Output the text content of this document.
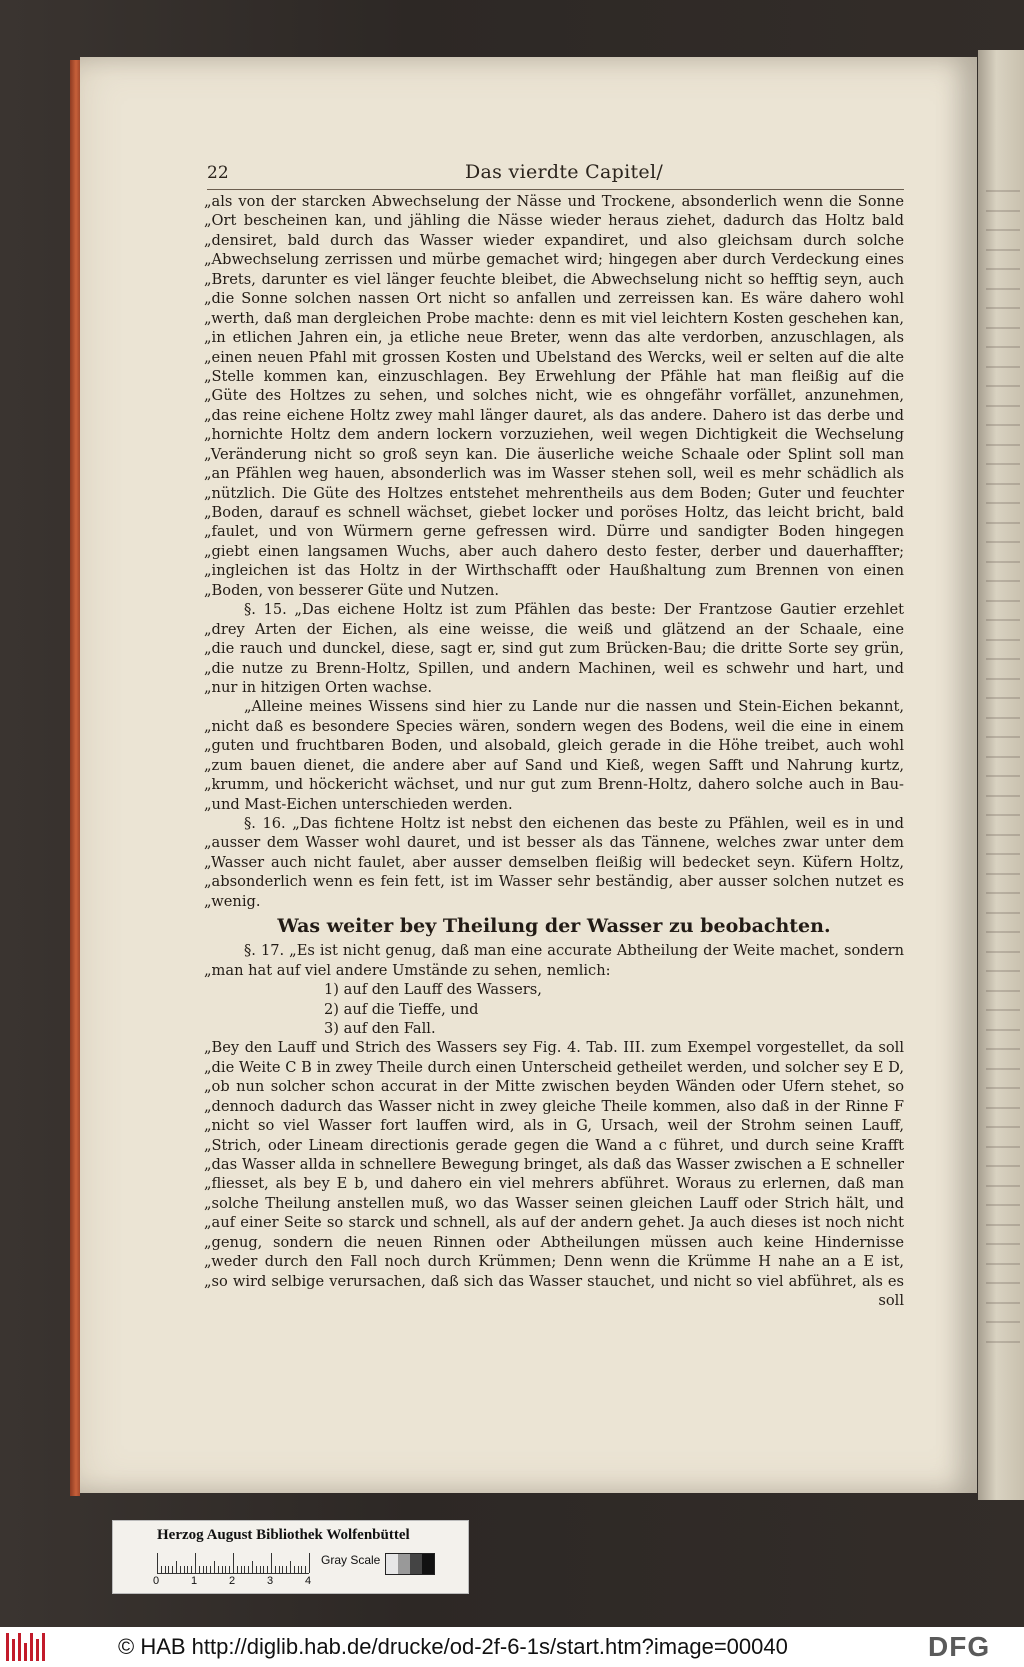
22	Das vierdte Capitel/
„als von der starcken Abwechselung der Nässe und Trockene, absonderlich wenn die Sonne
„Ort bescheinen kan, und jähling die Nässe wieder heraus ziehet, dadurch das Holtz bald
„densiret, bald durch das Wasser wieder expandiret, und also gleichsam durch solche
„Abwechselung zerrissen und mürbe gemachet wird; hingegen aber durch Verdeckung eines
„Brets, darunter es viel länger feuchte bleibet, die Abwechselung nicht so hefftig seyn, auch
„die Sonne solchen nassen Ort nicht so anfallen und zerreissen kan. Es wäre dahero wohl
„werth, daß man dergleichen Probe machte: denn es mit viel leichtern Kosten geschehen kan,
„in etlichen Jahren ein, ja etliche neue Breter, wenn das alte verdorben, anzuschlagen, als
„einen neuen Pfahl mit grossen Kosten und Ubelstand des Wercks, weil er selten auf die alte
„Stelle kommen kan, einzuschlagen. Bey Erwehlung der Pfähle hat man fleißig auf die
„Güte des Holtzes zu sehen, und solches nicht, wie es ohngefähr vorfället, anzunehmen,
„das reine eichene Holtz zwey mahl länger dauret, als das andere. Dahero ist das derbe und
„hornichte Holtz dem andern lockern vorzuziehen, weil wegen Dichtigkeit die Wechselung
„Veränderung nicht so groß seyn kan. Die äuserliche weiche Schaale oder Splint soll man
„an Pfählen weg hauen, absonderlich was im Wasser stehen soll, weil es mehr schädlich als
„nützlich. Die Güte des Holtzes entstehet mehrentheils aus dem Boden; Guter und feuchter
„Boden, darauf es schnell wächset, giebet locker und poröses Holtz, das leicht bricht, bald
„faulet, und von Würmern gerne gefressen wird. Dürre und sandigter Boden hingegen
„giebt einen langsamen Wuchs, aber auch dahero desto fester, derber und dauerhaffter;
„ingleichen ist das Holtz in der Wirthschafft oder Haußhaltung zum Brennen von einen
„Boden, von besserer Güte und Nutzen.
§. 15. „Das eichene Holtz ist zum Pfählen das beste: Der Frantzose Gautier erzehlet
„drey Arten der Eichen, als eine weisse, die weiß und glätzend an der Schaale, eine
„die rauch und dunckel, diese, sagt er, sind gut zum Brücken-Bau; die dritte Sorte sey grün,
„die nutze zu Brenn-Holtz, Spillen, und andern Machinen, weil es schwehr und hart, und
„nur in hitzigen Orten wachse.
„Alleine meines Wissens sind hier zu Lande nur die nassen und Stein-Eichen bekannt,
„nicht daß es besondere Species wären, sondern wegen des Bodens, weil die eine in einem
„guten und fruchtbaren Boden, und alsobald, gleich gerade in die Höhe treibet, auch wohl
„zum bauen dienet, die andere aber auf Sand und Kieß, wegen Safft und Nahrung kurtz,
„krumm, und höckericht wächset, und nur gut zum Brenn-Holtz, dahero solche auch in Bau-
„und Mast-Eichen unterschieden werden.
§. 16. „Das fichtene Holtz ist nebst den eichenen das beste zu Pfählen, weil es in und
„ausser dem Wasser wohl dauret, und ist besser als das Tännene, welches zwar unter dem
„Wasser auch nicht faulet, aber ausser demselben fleißig will bedecket seyn. Küfern Holtz,
„absonderlich wenn es fein fett, ist im Wasser sehr beständig, aber ausser solchen nutzet es
„wenig.
Was weiter bey Theilung der Wasser zu beobachten.
§. 17. „Es ist nicht genug, daß man eine accurate Abtheilung der Weite machet, sondern
„man hat auf viel andere Umstände zu sehen, nemlich:
1) auf den Lauff des Wassers,
2) auf die Tieffe, und
3) auf den Fall.
„Bey den Lauff und Strich des Wassers sey Fig. 4. Tab. III. zum Exempel vorgestellet, da soll
„die Weite C B in zwey Theile durch einen Unterscheid getheilet werden, und solcher sey E D,
„ob nun solcher schon accurat in der Mitte zwischen beyden Wänden oder Ufern stehet, so
„dennoch dadurch das Wasser nicht in zwey gleiche Theile kommen, also daß in der Rinne F
„nicht so viel Wasser fort lauffen wird, als in G, Ursach, weil der Strohm seinen Lauff,
„Strich, oder Lineam directionis gerade gegen die Wand a c führet, und durch seine Krafft
„das Wasser allda in schnellere Bewegung bringet, als daß das Wasser zwischen a E schneller
„fliesset, als bey E b, und dahero ein viel mehrers abführet. Woraus zu erlernen, daß man
„solche Theilung anstellen muß, wo das Wasser seinen gleichen Lauff oder Strich hält, und
„auf einer Seite so starck und schnell, als auf der andern gehet. Ja auch dieses ist noch nicht
„genug, sondern die neuen Rinnen oder Abtheilungen müssen auch keine Hindernisse
„weder durch den Fall noch durch Krümmen; Denn wenn die Krümme H nahe an a E ist,
„so wird selbige verursachen, daß sich das Wasser stauchet, und nicht so viel abführet, als es
soll
Herzog August Bibliothek Wolfenbüttel
0	1	2	3	4
Gray Scale
© HAB http://diglib.hab.de/drucke/od-2f-6-1s/start.htm?image=00040	DFG
